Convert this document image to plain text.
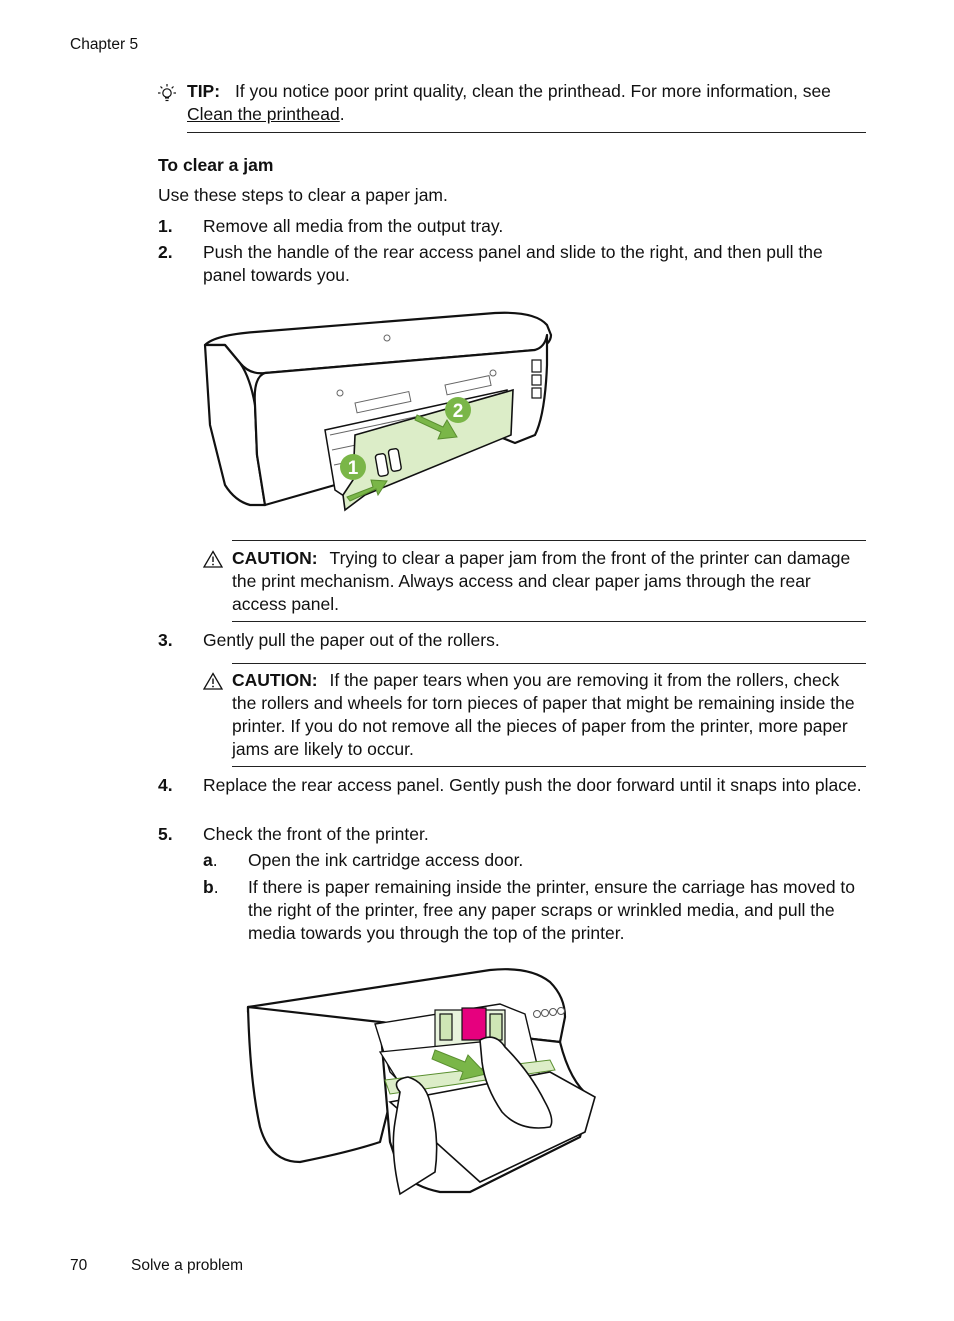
Chapter 5
TIP: If you notice poor print quality, clean the printhead. For more information, see Clean the printhead.
To clear a jam
Use these steps to clear a paper jam.
1. Remove all media from the output tray.
2. Push the handle of the rear access panel and slide to the right, and then pull the panel towards you.
1
2
CAUTION: Trying to clear a paper jam from the front of the printer can damage the print mechanism. Always access and clear paper jams through the rear access panel.
3. Gently pull the paper out of the rollers.
CAUTION: If the paper tears when you are removing it from the rollers, check the rollers and wheels for torn pieces of paper that might be remaining inside the printer. If you do not remove all the pieces of paper from the printer, more paper jams are likely to occur.
4. Replace the rear access panel. Gently push the door forward until it snaps into place.
5. Check the front of the printer.
a. Open the ink cartridge access door.
b. If there is paper remaining inside the printer, ensure the carriage has moved to the right of the printer, free any paper scraps or wrinkled media, and pull the media towards you through the top of the printer.
70	Solve a problem
